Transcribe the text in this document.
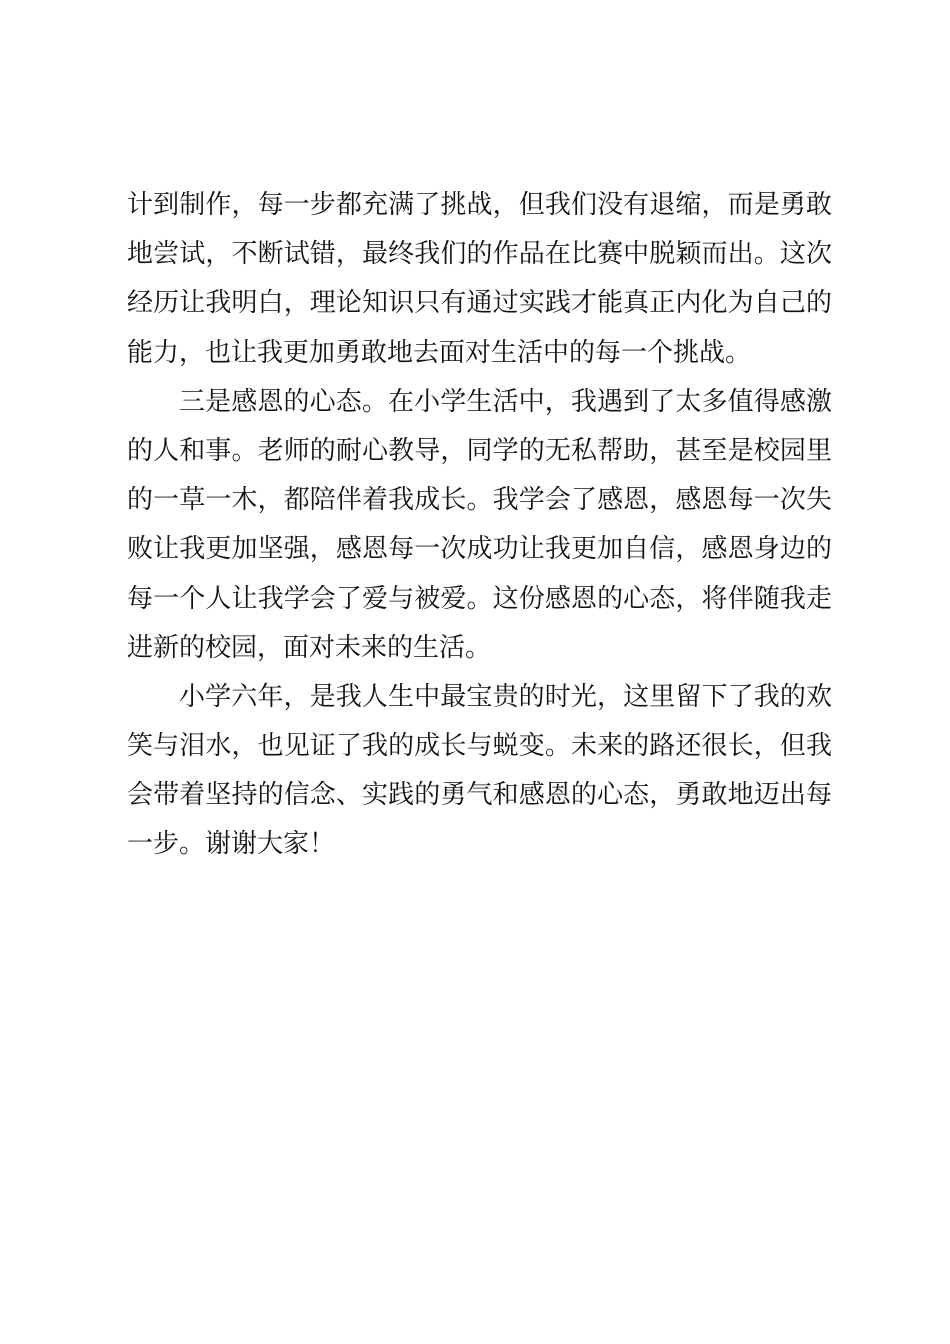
计到制作，每一步都充满了挑战，但我们没有退缩，而是勇敢
地尝试，不断试错，最终我们的作品在比赛中脱颖而出。这次
经历让我明白，理论知识只有通过实践才能真正内化为自己的
能力，也让我更加勇敢地去面对生活中的每一个挑战。
三是感恩的心态。在小学生活中，我遇到了太多值得感激
的人和事。老师的耐心教导，同学的无私帮助，甚至是校园里
的一草一木，都陪伴着我成长。我学会了感恩，感恩每一次失
败让我更加坚强，感恩每一次成功让我更加自信，感恩身边的
每一个人让我学会了爱与被爱。这份感恩的心态，将伴随我走
进新的校园，面对未来的生活。
小学六年，是我人生中最宝贵的时光，这里留下了我的欢
笑与泪水，也见证了我的成长与蜕变。未来的路还很长，但我
会带着坚持的信念、实践的勇气和感恩的心态，勇敢地迈出每
一步。谢谢大家！
